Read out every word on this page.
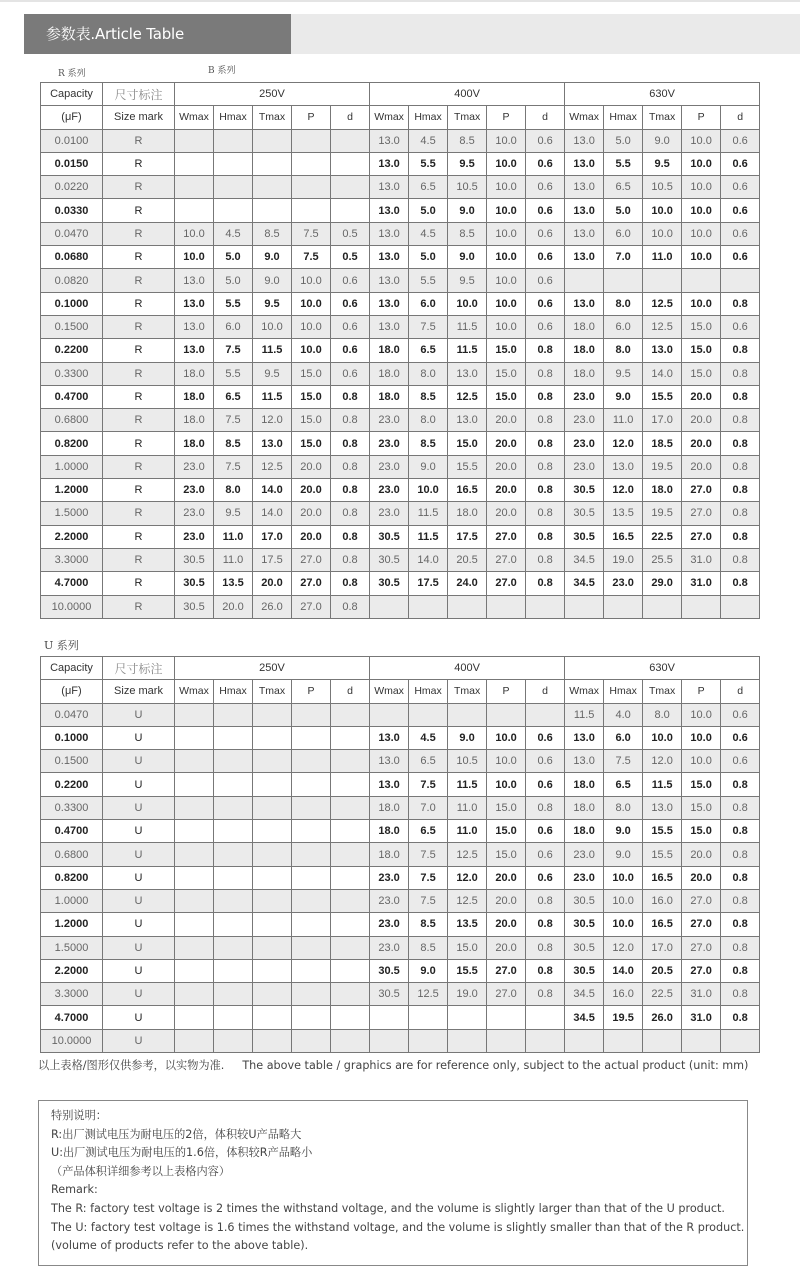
参数表.Article Table
R 系列	B 系列
Capacity	尺寸标注	250V					400V					630V				
(μF)	Size mark	Wmax	Hmax	Tmax	P	d	Wmax	Hmax	Tmax	P	d	Wmax	Hmax	Tmax	P	d
0.0100	R						13.0	4.5	8.5	10.0	0.6	13.0	5.0	9.0	10.0	0.6
0.0150	R						13.0	5.5	9.5	10.0	0.6	13.0	5.5	9.5	10.0	0.6
0.0220	R						13.0	6.5	10.5	10.0	0.6	13.0	6.5	10.5	10.0	0.6
0.0330	R						13.0	5.0	9.0	10.0	0.6	13.0	5.0	10.0	10.0	0.6
0.0470	R	10.0	4.5	8.5	7.5	0.5	13.0	4.5	8.5	10.0	0.6	13.0	6.0	10.0	10.0	0.6
0.0680	R	10.0	5.0	9.0	7.5	0.5	13.0	5.0	9.0	10.0	0.6	13.0	7.0	11.0	10.0	0.6
0.0820	R	13.0	5.0	9.0	10.0	0.6	13.0	5.5	9.5	10.0	0.6					
0.1000	R	13.0	5.5	9.5	10.0	0.6	13.0	6.0	10.0	10.0	0.6	13.0	8.0	12.5	10.0	0.8
0.1500	R	13.0	6.0	10.0	10.0	0.6	13.0	7.5	11.5	10.0	0.6	18.0	6.0	12.5	15.0	0.6
0.2200	R	13.0	7.5	11.5	10.0	0.6	18.0	6.5	11.5	15.0	0.8	18.0	8.0	13.0	15.0	0.8
0.3300	R	18.0	5.5	9.5	15.0	0.6	18.0	8.0	13.0	15.0	0.8	18.0	9.5	14.0	15.0	0.8
0.4700	R	18.0	6.5	11.5	15.0	0.8	18.0	8.5	12.5	15.0	0.8	23.0	9.0	15.5	20.0	0.8
0.6800	R	18.0	7.5	12.0	15.0	0.8	23.0	8.0	13.0	20.0	0.8	23.0	11.0	17.0	20.0	0.8
0.8200	R	18.0	8.5	13.0	15.0	0.8	23.0	8.5	15.0	20.0	0.8	23.0	12.0	18.5	20.0	0.8
1.0000	R	23.0	7.5	12.5	20.0	0.8	23.0	9.0	15.5	20.0	0.8	23.0	13.0	19.5	20.0	0.8
1.2000	R	23.0	8.0	14.0	20.0	0.8	23.0	10.0	16.5	20.0	0.8	30.5	12.0	18.0	27.0	0.8
1.5000	R	23.0	9.5	14.0	20.0	0.8	23.0	11.5	18.0	20.0	0.8	30.5	13.5	19.5	27.0	0.8
2.2000	R	23.0	11.0	17.0	20.0	0.8	30.5	11.5	17.5	27.0	0.8	30.5	16.5	22.5	27.0	0.8
3.3000	R	30.5	11.0	17.5	27.0	0.8	30.5	14.0	20.5	27.0	0.8	34.5	19.0	25.5	31.0	0.8
4.7000	R	30.5	13.5	20.0	27.0	0.8	30.5	17.5	24.0	27.0	0.8	34.5	23.0	29.0	31.0	0.8
10.0000	R	30.5	20.0	26.0	27.0	0.8										
U 系列
Capacity	尺寸标注	250V					400V					630V				
(μF)	Size mark	Wmax	Hmax	Tmax	P	d	Wmax	Hmax	Tmax	P	d	Wmax	Hmax	Tmax	P	d
0.0470	U											11.5	4.0	8.0	10.0	0.6
0.1000	U						13.0	4.5	9.0	10.0	0.6	13.0	6.0	10.0	10.0	0.6
0.1500	U						13.0	6.5	10.5	10.0	0.6	13.0	7.5	12.0	10.0	0.6
0.2200	U						13.0	7.5	11.5	10.0	0.6	18.0	6.5	11.5	15.0	0.8
0.3300	U						18.0	7.0	11.0	15.0	0.8	18.0	8.0	13.0	15.0	0.8
0.4700	U						18.0	6.5	11.0	15.0	0.6	18.0	9.0	15.5	15.0	0.8
0.6800	U						18.0	7.5	12.5	15.0	0.6	23.0	9.0	15.5	20.0	0.8
0.8200	U						23.0	7.5	12.0	20.0	0.6	23.0	10.0	16.5	20.0	0.8
1.0000	U						23.0	7.5	12.5	20.0	0.8	30.5	10.0	16.0	27.0	0.8
1.2000	U						23.0	8.5	13.5	20.0	0.8	30.5	10.0	16.5	27.0	0.8
1.5000	U						23.0	8.5	15.0	20.0	0.8	30.5	12.0	17.0	27.0	0.8
2.2000	U						30.5	9.0	15.5	27.0	0.8	30.5	14.0	20.5	27.0	0.8
3.3000	U						30.5	12.5	19.0	27.0	0.8	34.5	16.0	22.5	31.0	0.8
4.7000	U											34.5	19.5	26.0	31.0	0.8
10.0000	U															
以上表格/图形仅供参考，以实物为准. The above table / graphics are for reference only, subject to the actual product (unit: mm)
特别说明：
R:出厂测试电压为耐电压的2倍，体积较U产品略大
U:出厂测试电压为耐电压的1.6倍，体积较R产品略小
（产品体积详细参考以上表格内容）
Remark:
The R: factory test voltage is 2 times the withstand voltage, and the volume is slightly larger than that of the U product.
The U: factory test voltage is 1.6 times the withstand voltage, and the volume is slightly smaller than that of the R product.
(volume of products refer to the above table).
